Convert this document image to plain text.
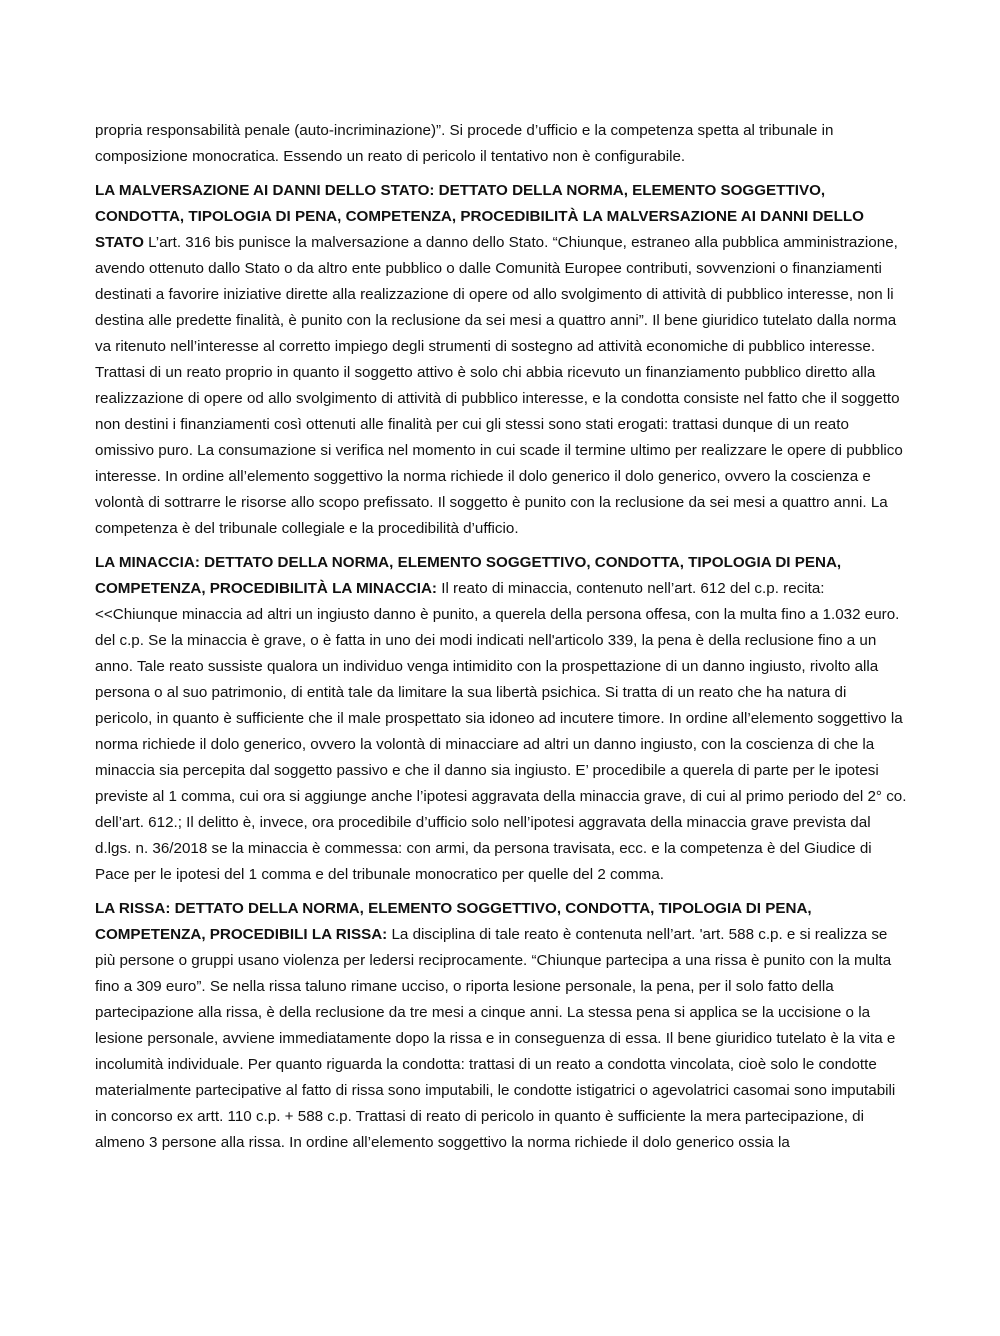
propria responsabilità penale (auto-incriminazione)”. Si procede d’ufficio e la competenza spetta al tribunale in composizione monocratica. Essendo un reato di pericolo il tentativo non è configurabile.

LA MALVERSAZIONE AI DANNI DELLO STATO: DETTATO DELLA NORMA, ELEMENTO SOGGETTIVO, CONDOTTA, TIPOLOGIA DI PENA, COMPETENZA, PROCEDIBILITÀ LA MALVERSAZIONE AI DANNI DELLO STATO L’art. 316 bis punisce la malversazione a danno dello Stato. “Chiunque, estraneo alla pubblica amministrazione, avendo ottenuto dallo Stato o da altro ente pubblico o dalle Comunità Europee contributi, sovvenzioni o finanziamenti destinati a favorire iniziative dirette alla realizzazione di opere od allo svolgimento di attività di pubblico interesse, non li destina alle predette finalità, è punito con la reclusione da sei mesi a quattro anni”. Il bene giuridico tutelato dalla norma va ritenuto nell’interesse al corretto impiego degli strumenti di sostegno ad attività economiche di pubblico interesse. Trattasi di un reato proprio in quanto il soggetto attivo è solo chi abbia ricevuto un finanziamento pubblico diretto alla realizzazione di opere od allo svolgimento di attività di pubblico interesse, e la condotta consiste nel fatto che il soggetto non destini i finanziamenti così ottenuti alle finalità per cui gli stessi sono stati erogati: trattasi dunque di un reato omissivo puro. La consumazione si verifica nel momento in cui scade il termine ultimo per realizzare le opere di pubblico interesse. In ordine all’elemento soggettivo la norma richiede il dolo generico il dolo generico, ovvero la coscienza e volontà di sottrarre le risorse allo scopo prefissato. Il soggetto è punito con la reclusione da sei mesi a quattro anni. La competenza è del tribunale collegiale e la procedibilità d’ufficio.

LA MINACCIA: DETTATO DELLA NORMA, ELEMENTO SOGGETTIVO, CONDOTTA, TIPOLOGIA DI PENA, COMPETENZA, PROCEDIBILITÀ LA MINACCIA: Il reato di minaccia, contenuto nell’art. 612 del c.p. recita:<<Chiunque minaccia ad altri un ingiusto danno è punito, a querela della persona offesa, con la multa fino a 1.032 euro. del c.p. Se la minaccia è grave, o è fatta in uno dei modi indicati nell'articolo 339, la pena è della reclusione fino a un anno. Tale reato sussiste qualora un individuo venga intimidito con la prospettazione di un danno ingiusto, rivolto alla persona o al suo patrimonio, di entità tale da limitare la sua libertà psichica. Si tratta di un reato che ha natura di pericolo, in quanto è sufficiente che il male prospettato sia idoneo ad incutere timore. In ordine all’elemento soggettivo la norma richiede il dolo generico, ovvero la volontà di minacciare ad altri un danno ingiusto, con la coscienza di che la minaccia sia percepita dal soggetto passivo e che il danno sia ingiusto. E’ procedibile a querela di parte per le ipotesi previste al 1 comma, cui ora si aggiunge anche l’ipotesi aggravata della minaccia grave, di cui al primo periodo del 2° co. dell’art. 612.; Il delitto è, invece, ora procedibile d’ufficio solo nell’ipotesi aggravata della minaccia grave prevista dal d.lgs. n. 36/2018 se la minaccia è commessa: con armi, da persona travisata, ecc. e la competenza è del Giudice di Pace per le ipotesi del 1 comma e del tribunale monocratico per quelle del 2 comma.

LA RISSA: DETTATO DELLA NORMA, ELEMENTO SOGGETTIVO, CONDOTTA, TIPOLOGIA DI PENA, COMPETENZA, PROCEDIBILI LA RISSA: La disciplina di tale reato è contenuta nell’art. 'art. 588 c.p. e si realizza se più persone o gruppi usano violenza per ledersi reciprocamente. “Chiunque partecipa a una rissa è punito con la multa fino a 309 euro”. Se nella rissa taluno rimane ucciso, o riporta lesione personale, la pena, per il solo fatto della partecipazione alla rissa, è della reclusione da tre mesi a cinque anni. La stessa pena si applica se la uccisione o la lesione personale, avviene immediatamente dopo la rissa e in conseguenza di essa. Il bene giuridico tutelato è la vita e incolumità individuale. Per quanto riguarda la condotta: trattasi di un reato a condotta vincolata, cioè solo le condotte materialmente partecipative al fatto di rissa sono imputabili, le condotte istigatrici o agevolatrici casomai sono imputabili in concorso ex artt. 110 c.p. + 588 c.p. Trattasi di reato di pericolo in quanto è sufficiente la mera partecipazione, di almeno 3 persone alla rissa. In ordine all’elemento soggettivo la norma richiede il dolo generico ossia la
